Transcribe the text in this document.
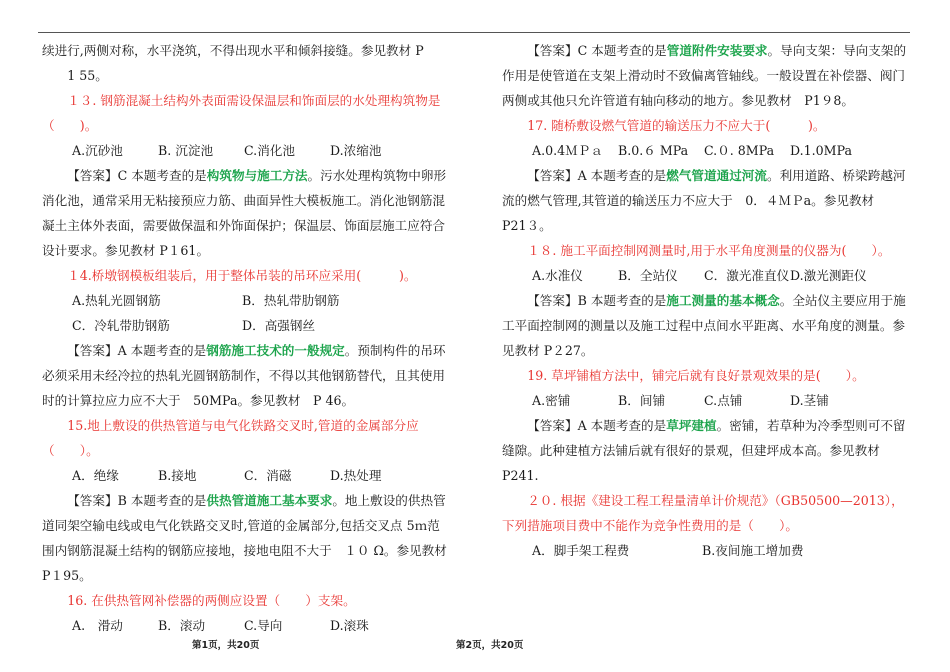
续进行,两侧对称，水平浇筑，不得出现水平和倾斜接缝。参见教材 P

1 55。

１３. 钢筋混凝土结构外表面需设保温层和饰面层的水处理构筑物是（　　)。

A.沉砂池	B. 沉淀池	C.消化池	D.浓缩池

【答案】C 本题考查的是构筑物与施工方法。污水处理构筑物中卵形消化池，通常采用无粘接预应力筋、曲面异性大模板施工。消化池钢筋混凝土主体外表面，需要做保温和外饰面保护；保温层、饰面层施工应符合设计要求。参见教材 P１61。

１4.桥墩钢模板组装后，用于整体吊装的吊环应采用(　　　)。

A.热轧光圆钢筋	B．热轧带肋钢筋
C．冷轧带肋钢筋	D．高强钢丝

【答案】A 本题考查的是钢筋施工技术的一般规定。预制构件的吊环必须采用未经冷拉的热轧光圆钢筋制作，不得以其他钢筋替代，且其使用时的计算拉应力应不大于　50MPa。参见教材　P 46。

15.地上敷设的供热管道与电气化铁路交叉时,管道的金属部分应（　　）。

A．绝缘	B.接地	C．消磁	D.热处理

【答案】B 本题考查的是供热管道施工基本要求。地上敷设的供热管道同架空输电线或电气化铁路交叉时,管道的金属部分,包括交叉点 5ｍ范围内钢筋混凝土结构的钢筋应接地，接地电阻不大于　１０ Ω。参见教材　P１95。

16. 在供热管网补偿器的两侧应设置（　　）支架。

A.　滑动	B．滚动	C.导向	D.滚珠

【答案】C 本题考查的是管道附件安装要求。导向支架：导向支架的作用是使管道在支架上滑动时不致偏离管轴线。一般设置在补偿器、阀门两侧或其他只允许管道有轴向移动的地方。参见教材　P1９8。

17. 随桥敷设燃气管道的输送压力不应大于(　　　)。

A.0.4ＭＰａ	B.0.６ MPa	C.０. 8MPa	D.1.0MPa

【答案】A 本题考查的是燃气管道通过河流。利用道路、桥梁跨越河流的燃气管理,其管道的输送压力不应大于　0．４ＭＰa。参见教材　P21３。

１８. 施工平面控制网测量时,用于水平角度测量的仪器为(　　）。

A.水准仪	B．全站仪	C．激光准直仪 D.激光测距仪

【答案】B 本题考查的是施工测量的基本概念。全站仪主要应用于施工平面控制网的测量以及施工过程中点间水平距离、水平角度的测量。参见教材 P２27。

19. 草坪铺植方法中，铺完后就有良好景观效果的是(　　）。

A.密铺	B．间铺	C.点铺	D.茎铺

【答案】A 本题考查的是草坪建植。密铺，若草种为冷季型则可不留缝隙。此种建植方法铺后就有很好的景观，但建坪成本高。参见教材 P241.

２０. 根据《建设工程工程量清单计价规范》（GB50500—2013），下列措施项目费中不能作为竞争性费用的是（　　）。

A．脚手架工程费	B.夜间施工增加费
第1页，共20页	第2页，共20页
